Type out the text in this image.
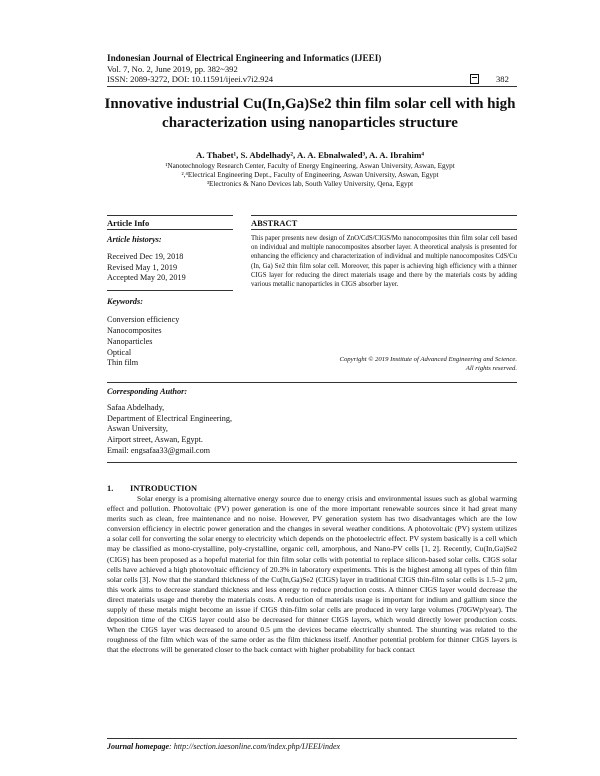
Indonesian Journal of Electrical Engineering and Informatics (IJEEI)
Vol. 7, No. 2, June 2019, pp. 382~392
ISSN: 2089-3272, DOI: 10.11591/ijeei.v7i2.924	382
Innovative industrial Cu(In,Ga)Se2 thin film solar cell with high characterization using nanoparticles structure
A. Thabet¹, S. Abdelhady², A. A. Ebnalwaled³, A. A. Ibrahim⁴
¹Nanotechnology Research Center, Faculty of Energy Engineering, Aswan University, Aswan, Egypt
²,⁴Electrical Engineering Dept., Faculty of Engineering, Aswan University, Aswan, Egypt
³Electronics & Nano Devices lab, South Valley University, Qena, Egypt
Article Info
Article historys:
Received Dec 19, 2018
Revised May 1, 2019
Accepted May 20, 2019
Keywords:
Conversion efficiency
Nanocomposites
Nanoparticles
Optical
Thin film
ABSTRACT
This paper presents new design of ZnO/CdS/CIGS/Mo nanocomposites thin film solar cell based on individual and multiple nanocomposites absorber layer. A theoretical analysis is presented for enhancing the efficiency and characterization of individual and multiple nanocomposites CdS/Cu (In, Ga) Se2 thin film solar cell. Moreover, this paper is achieving high efficiency with a thinner CIGS layer for reducing the direct materials usage and there by the materials costs by adding various metallic nanoparticles in CIGS absorber layer.
Copyright © 2019 Institute of Advanced Engineering and Science.
All rights reserved.
Corresponding Author:
Safaa Abdelhady,
Department of Electrical Engineering,
Aswan University,
Airport street, Aswan, Egypt.
Email: engsafaa33@gmail.com
1.        INTRODUCTION
Solar energy is a promising alternative energy source due to energy crisis and environmental issues such as global warming effect and pollution. Photovoltaic (PV) power generation is one of the more important renewable sources since it had great many merits such as clean, free maintenance and no noise. However, PV generation system has two disadvantages which are the low conversion efficiency in electric power generation and the changes in several weather conditions. A photovoltaic (PV) system utilizes a solar cell for converting the solar energy to electricity which depends on the photoelectric effect. PV system basically is a cell which may be classified as mono-crystalline, poly-crystalline, organic cell, amorphous, and Nano-PV cells [1, 2]. Recently, Cu(In,Ga)Se2 (CIGS) has been proposed as a hopeful material for thin film solar cells with potential to replace silicon-based solar cells. CIGS solar cells have achieved a high photovoltaic efficiency of 20.3% in laboratory experiments. This is the highest among all types of thin film solar cells [3]. Now that the standard thickness of the Cu(In,Ga)Se2 (CIGS) layer in traditional CIGS thin-film solar cells is 1.5–2 μm, this work aims to decrease standard thickness and less energy to reduce production costs. A thinner CIGS layer would decrease the direct materials usage and thereby the materials costs. A reduction of materials usage is important for indium and gallium since the supply of these metals might become an issue if CIGS thin-film solar cells are produced in very large volumes (70GWp/year). The deposition time of the CIGS layer could also be decreased for thinner CIGS layers, which would directly lower production costs. When the CIGS layer was decreased to around 0.5 μm the devices became electrically shunted. The shunting was related to the roughness of the film which was of the same order as the film thickness itself. Another potential problem for thinner CIGS layers is that the electrons will be generated closer to the back contact with higher probability for back contact
Journal homepage: http://section.iaesonline.com/index.php/IJEEI/index
